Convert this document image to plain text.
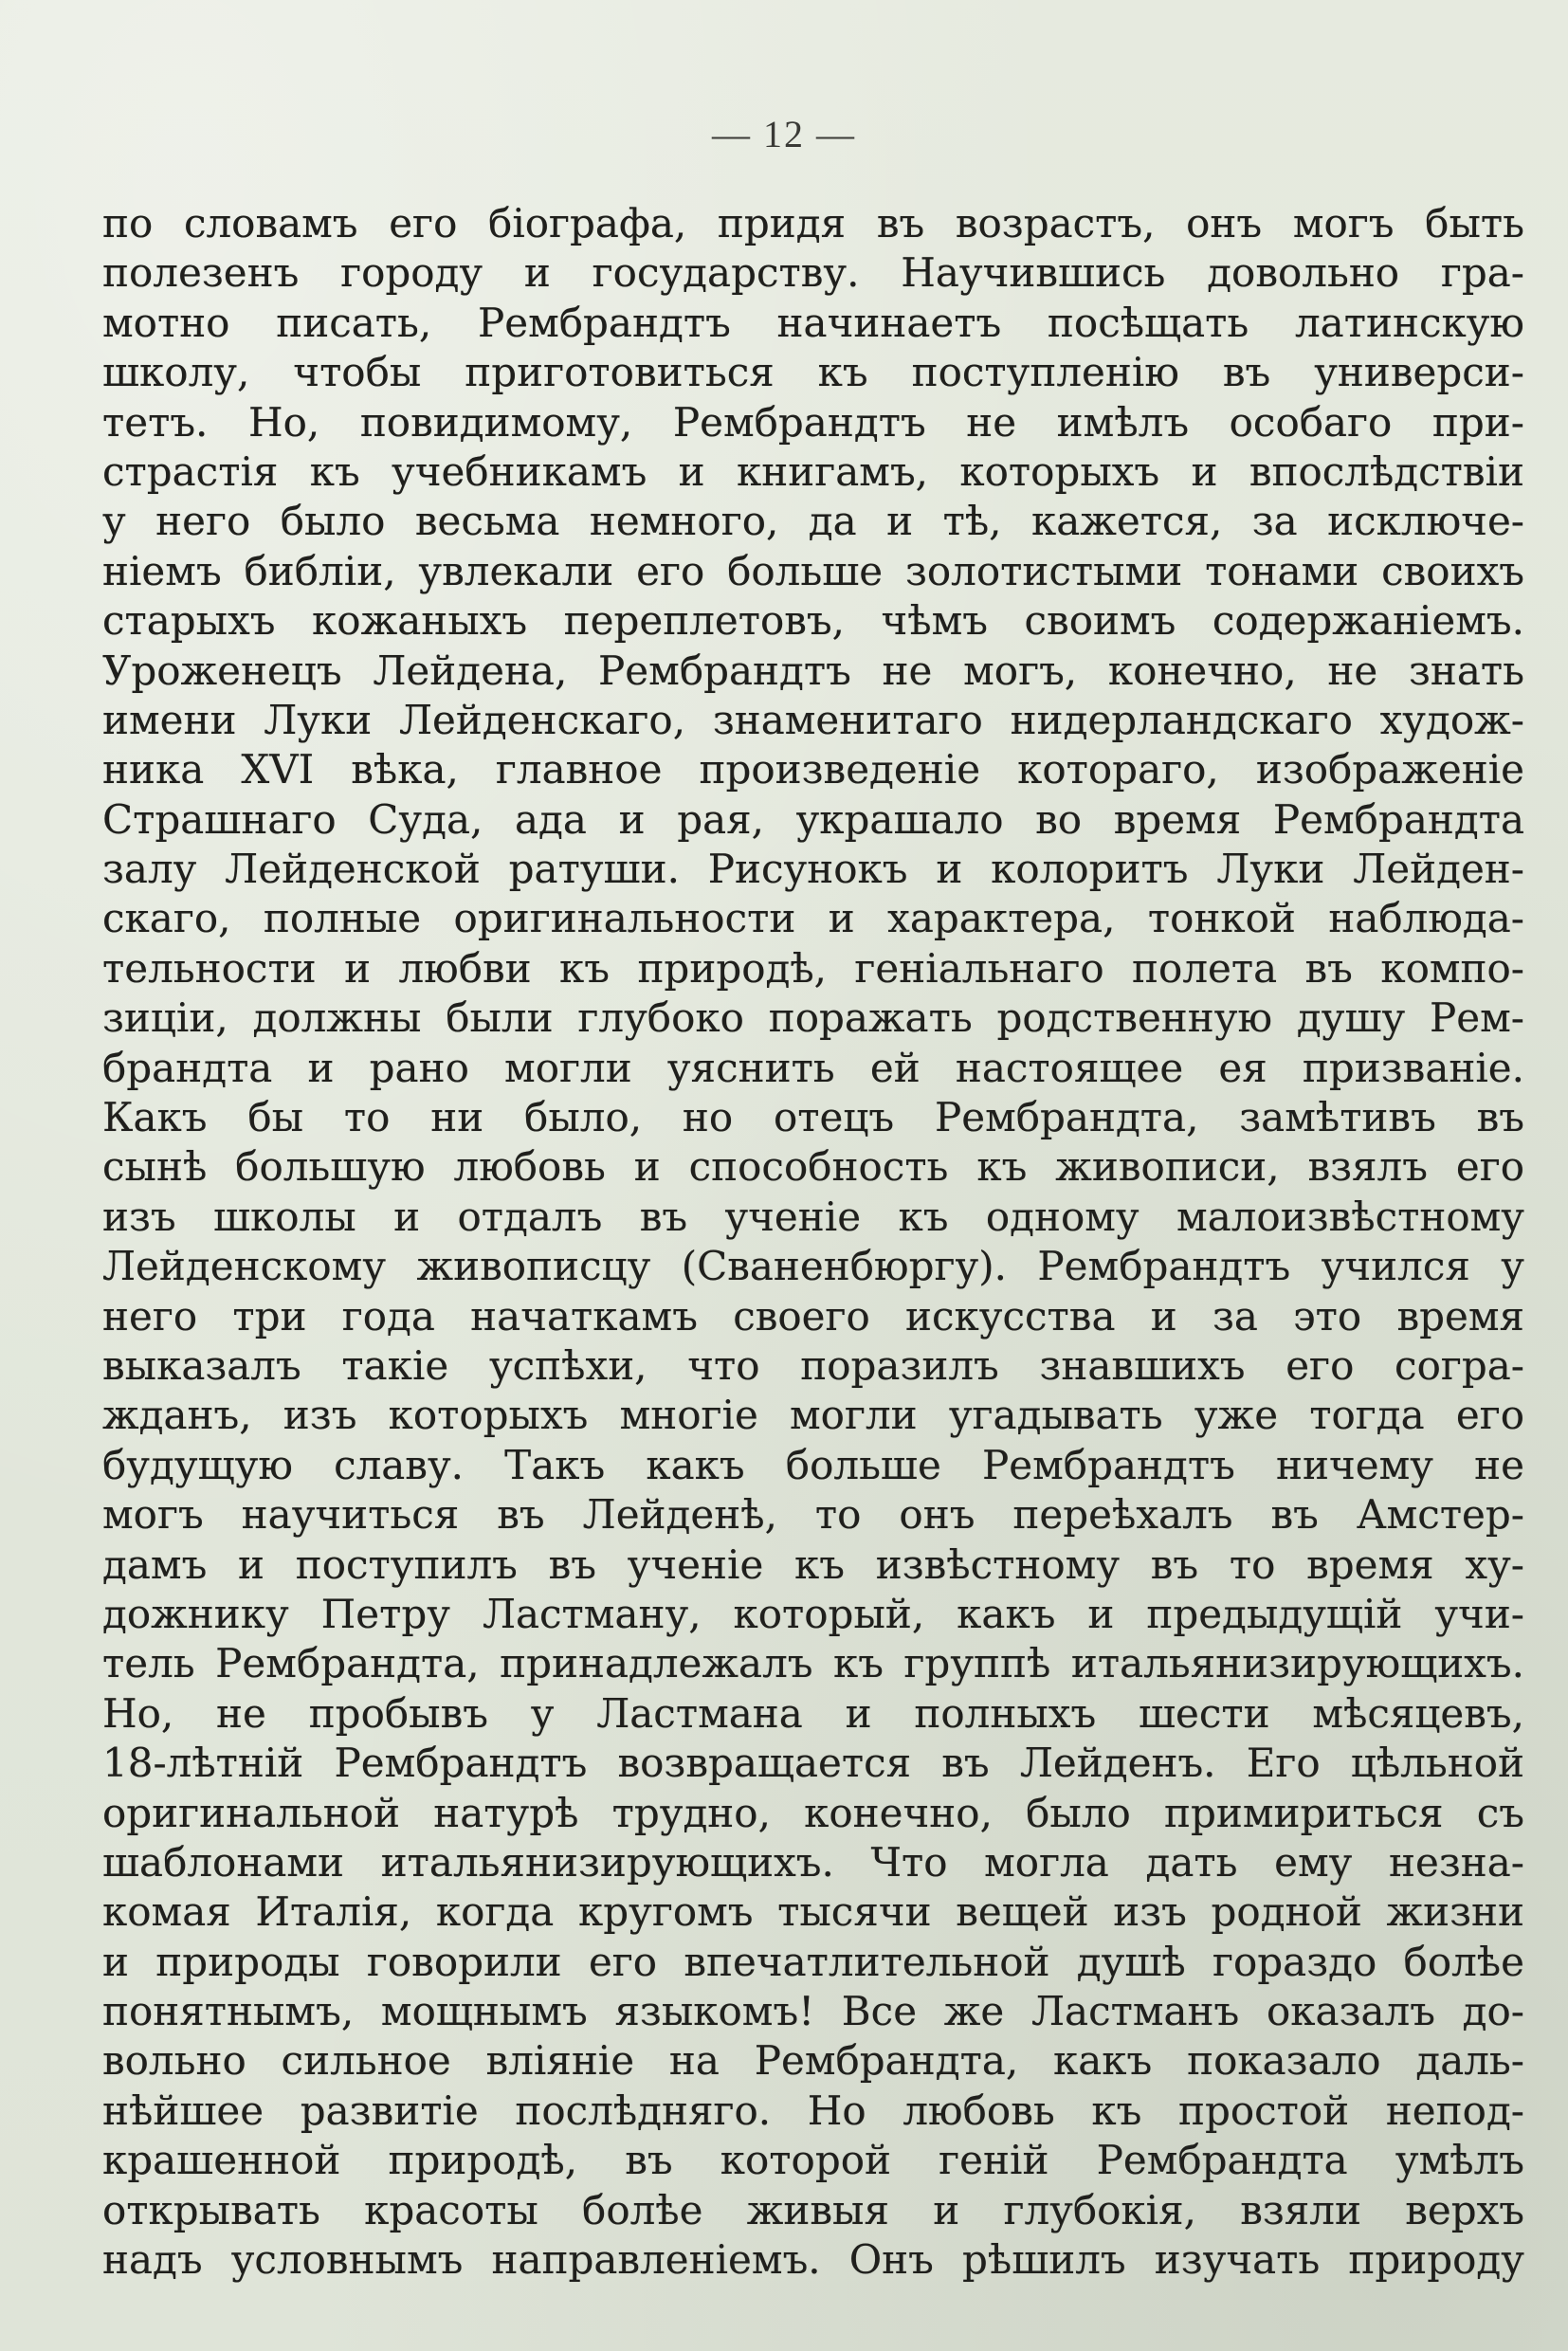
— 12 —
по словамъ его біографа, придя въ возрастъ, онъ могъ быть
полезенъ городу и государству. Научившись довольно гра-
мотно писать, Рембрандтъ начинаетъ посѣщать латинскую
школу, чтобы приготовиться къ поступленію въ универси-
тетъ. Но, повидимому, Рембрандтъ не имѣлъ особаго при-
страстія къ учебникамъ и книгамъ, которыхъ и впослѣдствіи
у него было весьма немного, да и тѣ, кажется, за исключе-
ніемъ библіи, увлекали его больше золотистыми тонами своихъ
старыхъ кожаныхъ переплетовъ, чѣмъ своимъ содержаніемъ.
Уроженецъ Лейдена, Рембрандтъ не могъ, конечно, не знать
имени Луки Лейденскаго, знаменитаго нидерландскаго худож-
ника XVI вѣка, главное произведеніе котораго, изображеніе
Страшнаго Суда, ада и рая, украшало во время Рембрандта
залу Лейденской ратуши. Рисунокъ и колоритъ Луки Лейден-
скаго, полные оригинальности и характера, тонкой наблюда-
тельности и любви къ природѣ, геніальнаго полета въ компо-
зиціи, должны были глубоко поражать родственную душу Рем-
брандта и рано могли уяснить ей настоящее ея призваніе.
Какъ бы то ни было, но отецъ Рембрандта, замѣтивъ въ
сынѣ большую любовь и способность къ живописи, взялъ его
изъ школы и отдалъ въ ученіе къ одному малоизвѣстному
Лейденскому живописцу (Сваненбюргу). Рембрандтъ учился у
него три года начаткамъ своего искусства и за это время
выказалъ такіе успѣхи, что поразилъ знавшихъ его согра-
жданъ, изъ которыхъ многіе могли угадывать уже тогда его
будущую славу. Такъ какъ больше Рембрандтъ ничему не
могъ научиться въ Лейденѣ, то онъ переѣхалъ въ Амстер-
дамъ и поступилъ въ ученіе къ извѣстному въ то время ху-
дожнику Петру Ластману, который, какъ и предыдущій учи-
тель Рембрандта, принадлежалъ къ группѣ итальянизирующихъ.
Но, не пробывъ у Ластмана и полныхъ шести мѣсяцевъ,
18-лѣтній Рембрандтъ возвращается въ Лейденъ. Его цѣльной
оригинальной натурѣ трудно, конечно, было примириться съ
шаблонами итальянизирующихъ. Что могла дать ему незна-
комая Италія, когда кругомъ тысячи вещей изъ родной жизни
и природы говорили его впечатлительной душѣ гораздо болѣе
понятнымъ, мощнымъ языкомъ! Все же Ластманъ оказалъ до-
вольно сильное вліяніе на Рембрандта, какъ показало даль-
нѣйшее развитіе послѣдняго. Но любовь къ простой непод-
крашенной природѣ, въ которой геній Рембрандта умѣлъ
открывать красоты болѣе живыя и глубокія, взяли верхъ
надъ условнымъ направленіемъ. Онъ рѣшилъ изучать природу
